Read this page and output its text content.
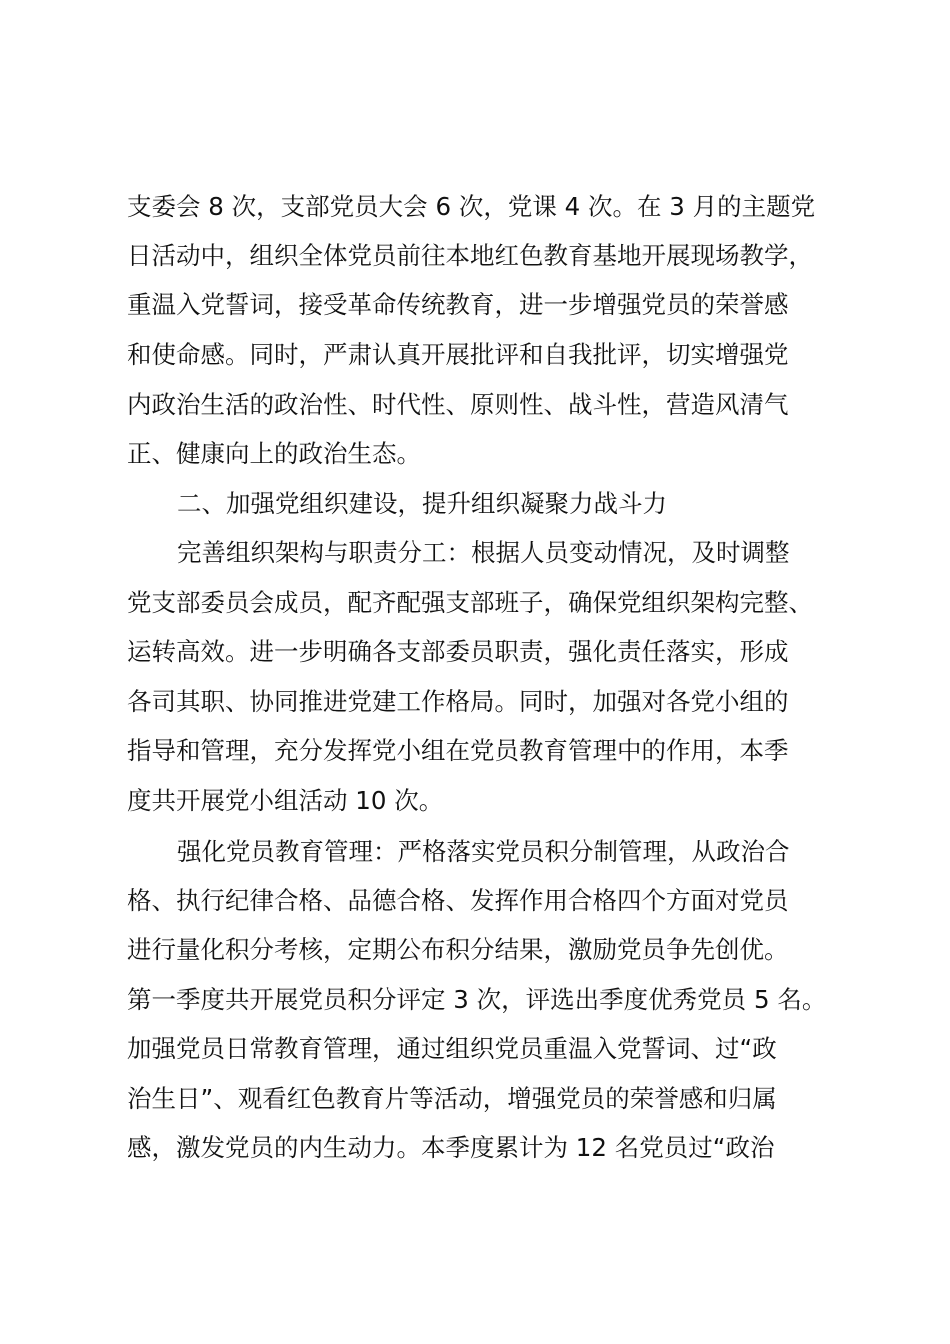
支委会 8 次，支部党员大会 6 次，党课 4 次。在 3 月的主题党
日活动中，组织全体党员前往本地红色教育基地开展现场教学，
重温入党誓词，接受革命传统教育，进一步增强党员的荣誉感
和使命感。同时，严肃认真开展批评和自我批评，切实增强党
内政治生活的政治性、时代性、原则性、战斗性，营造风清气
正、健康向上的政治生态。
二、加强党组织建设，提升组织凝聚力战斗力
完善组织架构与职责分工：根据人员变动情况，及时调整
党支部委员会成员，配齐配强支部班子，确保党组织架构完整、
运转高效。进一步明确各支部委员职责，强化责任落实，形成
各司其职、协同推进党建工作格局。同时，加强对各党小组的
指导和管理，充分发挥党小组在党员教育管理中的作用，本季
度共开展党小组活动 10 次。
强化党员教育管理：严格落实党员积分制管理，从政治合
格、执行纪律合格、品德合格、发挥作用合格四个方面对党员
进行量化积分考核，定期公布积分结果，激励党员争先创优。
第一季度共开展党员积分评定 3 次，评选出季度优秀党员 5 名。
加强党员日常教育管理，通过组织党员重温入党誓词、过“政
治生日”、观看红色教育片等活动，增强党员的荣誉感和归属
感，激发党员的内生动力。本季度累计为 12 名党员过“政治
